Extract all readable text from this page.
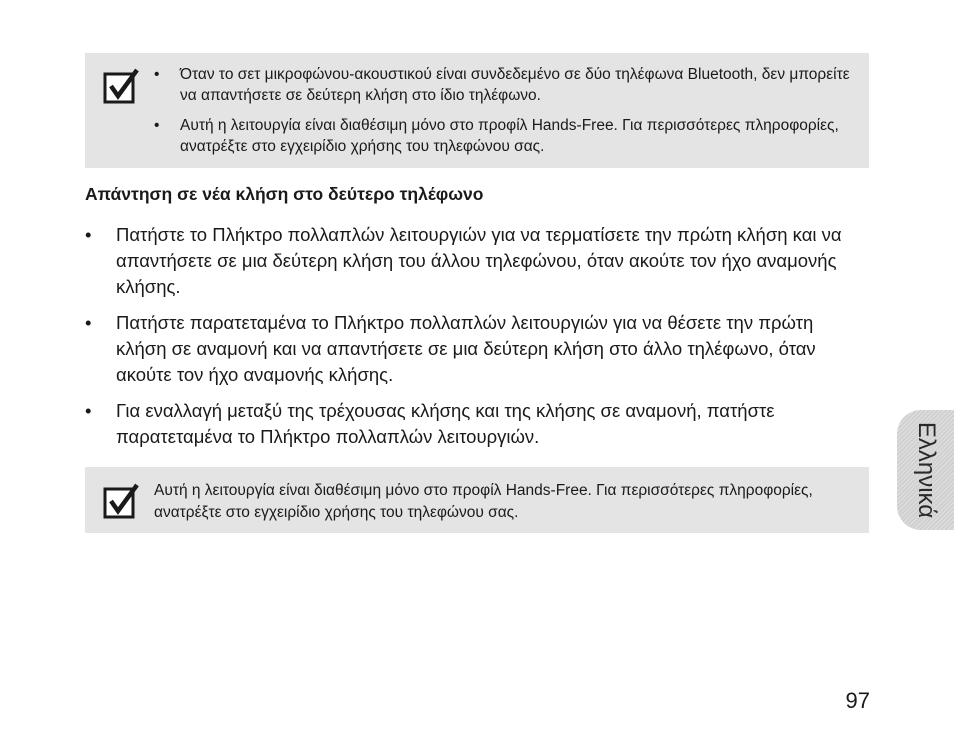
• Όταν το σετ μικροφώνου-ακουστικού είναι συνδεδεμένο σε δύο τηλέφωνα Bluetooth, δεν μπορείτε να απαντήσετε σε δεύτερη κλήση στο ίδιο τηλέφωνο.
• Αυτή η λειτουργία είναι διαθέσιμη μόνο στο προφίλ Hands-Free. Για περισσότερες πληροφορίες, ανατρέξτε στο εγχειρίδιο χρήσης του τηλεφώνου σας.
Απάντηση σε νέα κλήση στο δεύτερο τηλέφωνο
• Πατήστε το Πλήκτρο πολλαπλών λειτουργιών για να τερματίσετε την πρώτη κλήση και να απαντήσετε σε μια δεύτερη κλήση του άλλου τηλεφώνου, όταν ακούτε τον ήχο αναμονής κλήσης.
• Πατήστε παρατεταμένα το Πλήκτρο πολλαπλών λειτουργιών για να θέσετε την πρώτη κλήση σε αναμονή και να απαντήσετε σε μια δεύτερη κλήση στο άλλο τηλέφωνο, όταν ακούτε τον ήχο αναμονής κλήσης.
• Για εναλλαγή μεταξύ της τρέχουσας κλήσης και της κλήσης σε αναμονή, πατήστε παρατεταμένα το Πλήκτρο πολλαπλών λειτουργιών.

Αυτή η λειτουργία είναι διαθέσιμη μόνο στο προφίλ Hands-Free. Για περισσότερες πληροφορίες, ανατρέξτε στο εγχειρίδιο χρήσης του τηλεφώνου σας.	Ελληνικά
97
